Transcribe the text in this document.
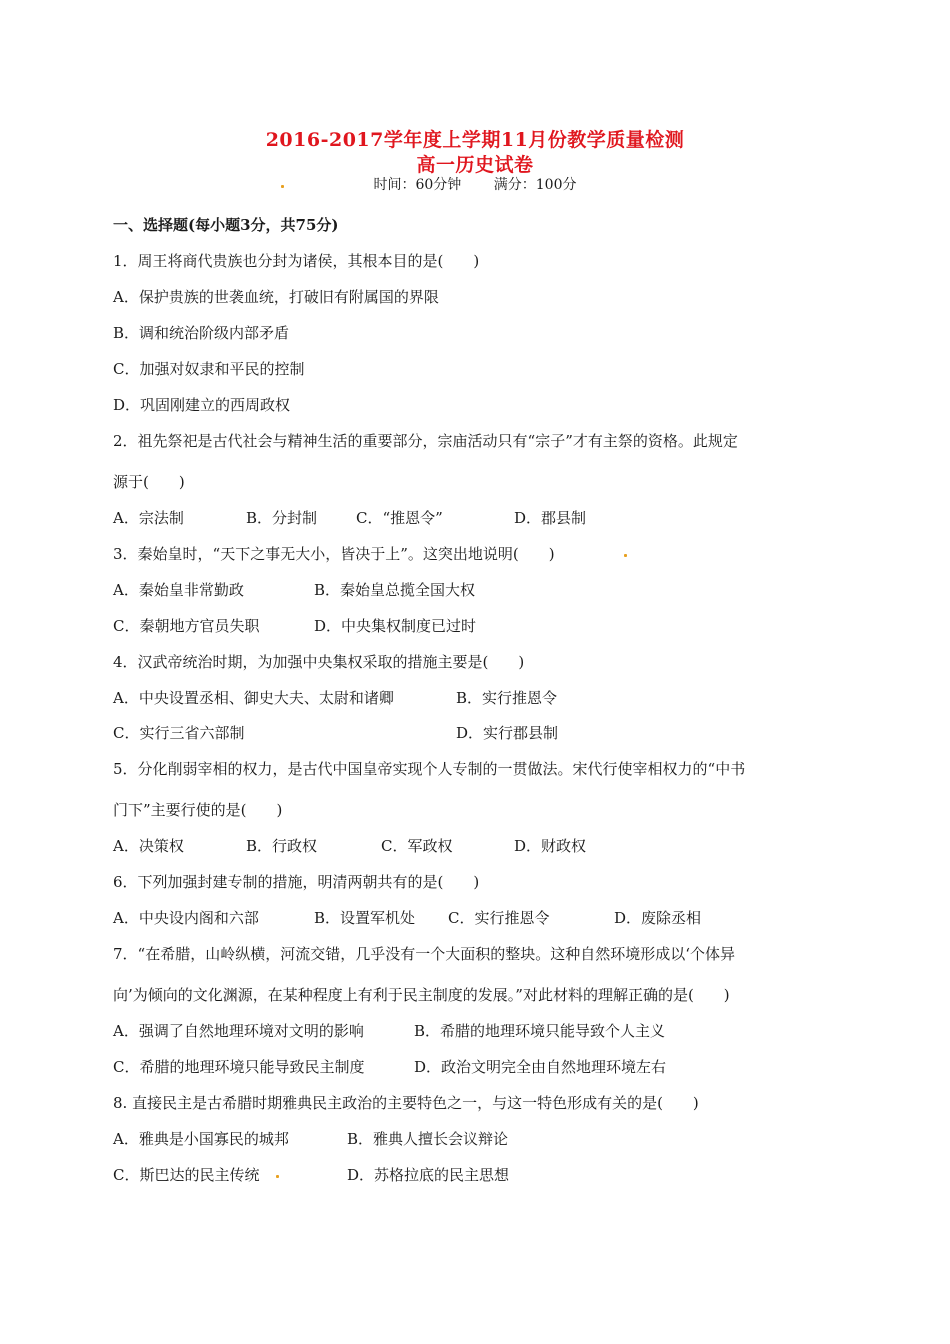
2016-2017学年度上学期11月份教学质量检测
高一历史试卷
时间：60分钟 满分：100分
一、选择题(每小题3分，共75分)
1．周王将商代贵族也分封为诸侯，其根本目的是(　　)
A．保护贵族的世袭血统，打破旧有附属国的界限
B．调和统治阶级内部矛盾
C．加强对奴隶和平民的控制
D．巩固刚建立的西周政权
2．祖先祭祀是古代社会与精神生活的重要部分，宗庙活动只有“宗子”才有主祭的资格。此规定
源于(　　)
A．宗法制	B．分封制	C．“推恩令”	D．郡县制
3．秦始皇时，“天下之事无大小，皆决于上”。这突出地说明(　　)
A．秦始皇非常勤政	B．秦始皇总揽全国大权
C．秦朝地方官员失职	D．中央集权制度已过时
4．汉武帝统治时期，为加强中央集权采取的措施主要是(　　)
A．中央设置丞相、御史大夫、太尉和诸卿	B．实行推恩令
C．实行三省六部制	D．实行郡县制
5．分化削弱宰相的权力，是古代中国皇帝实现个人专制的一贯做法。宋代行使宰相权力的“中书
门下”主要行使的是(　　)
A．决策权	B．行政权	C．军政权	D．财政权
6．下列加强封建专制的措施，明清两朝共有的是(　　)
A．中央设内阁和六部	B．设置军机处 C．实行推恩令	D．废除丞相
7．“在希腊，山岭纵横，河流交错，几乎没有一个大面积的整块。这种自然环境形成以‘个体异
向’为倾向的文化渊源，在某种程度上有利于民主制度的发展。”对此材料的理解正确的是(　　)
A．强调了自然地理环境对文明的影响	B．希腊的地理环境只能导致个人主义
C．希腊的地理环境只能导致民主制度	D．政治文明完全由自然地理环境左右
8. 直接民主是古希腊时期雅典民主政治的主要特色之一，与这一特色形成有关的是(　　)
A．雅典是小国寡民的城邦	B．雅典人擅长会议辩论
C．斯巴达的民主传统	D．苏格拉底的民主思想
